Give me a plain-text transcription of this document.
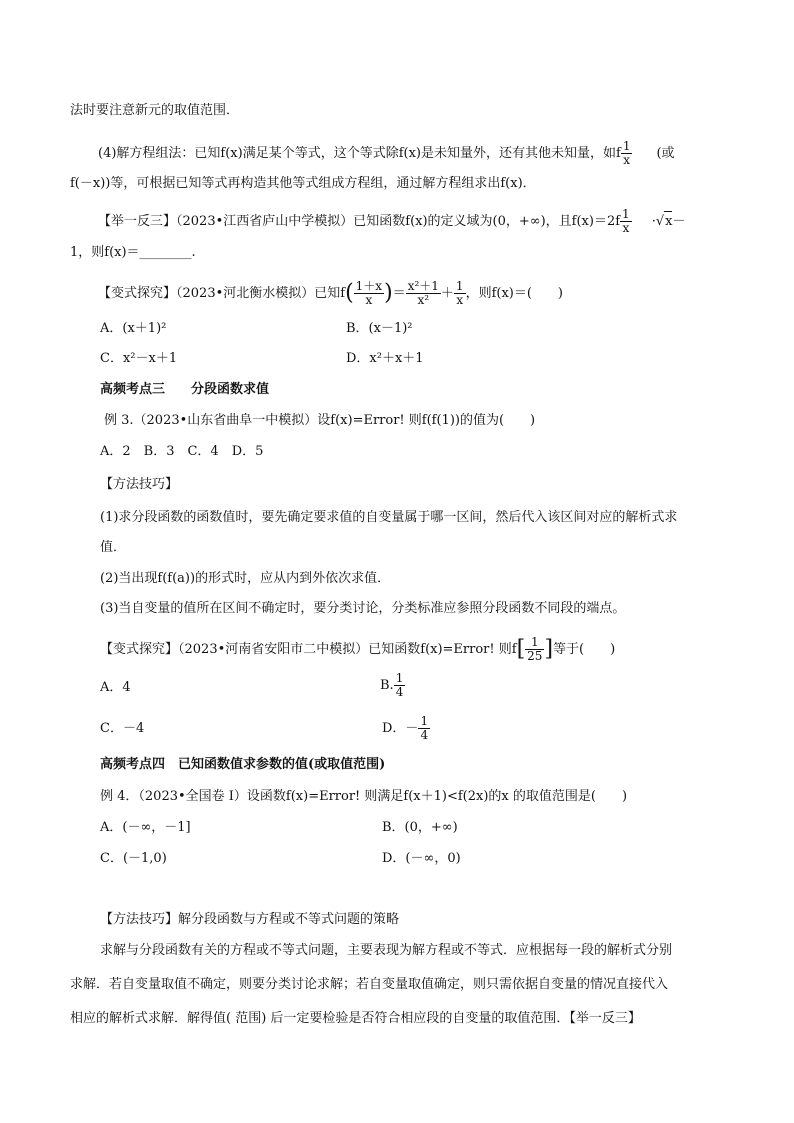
法时要注意新元的取值范围．
(4)解方程组法：已知f(x)满足某个等式，这个等式除f(x)是未知量外，还有其他未知量，如f $\frac{1}{x}$ (或
f(－x))等，可根据已知等式再构造其他等式组成方程组，通过解方程组求出f(x)．
【举一反三】（2023•江西省庐山中学模拟）已知函数f(x)的定义域为(0，+∞)，且$f(x)=2f \frac{1}{x} \cdot√x-$
1，则f(x)＝________.
【变式探究】（2023•河北衡水模拟）已知$f( \frac{1+x}{x}$ )＝ $\frac{\text{x²＋1}}{\text{x²}} + \frac{1}{x}$ ，则f(x)＝(　　)
A．(x＋1)²	B．(x－1)²
C．x²－x＋1	D．x²＋x＋1
高频考点三　　分段函数求值
例 3.（2023•山东省曲阜一中模拟）设f(x)=Error! 则f(f(1))的值为(　　)
A．2　B．3　C．4　D．5
【方法技巧】
(1)求分段函数的函数值时，要先确定要求值的自变量属于哪一区间，然后代入该区间对应的解析式求
值．
(2)当出现f(f(a))的形式时，应从内到外依次求值．
(3)当自变量的值所在区间不确定时，要分类讨论，分类标准应参照分段函数不同段的端点。
【变式探究】（2023•河南省安阳市二中模拟）已知函数f(x)=Error! 则$f[ \frac{1}{25}$ ]等于(　　)
A．4	B. $\frac{1}{4}$
C．－4	D．－ $\frac{1}{4}$
高频考点四　已知函数值求参数的值(或取值范围)
例 4．（2023•全国卷 I）设函数f(x)=Error! 则满足f(x＋1)<f(2x)的x 的取值范围是(　　)
A．(－∞，－1]	B．(0，+∞)
C．(－1,0)	D．(－∞，0)
【方法技巧】解分段函数与方程或不等式问题的策略
求解与分段函数有关的方程或不等式问题，主要表现为解方程或不等式．应根据每一段的解析式分别
求解．若自变量取值不确定，则要分类讨论求解；若自变量取值确定，则只需依据自变量的情况直接代入
相应的解析式求解．解得值( 范围) 后一定要检验是否符合相应段的自变量的取值范围．【举一反三】
